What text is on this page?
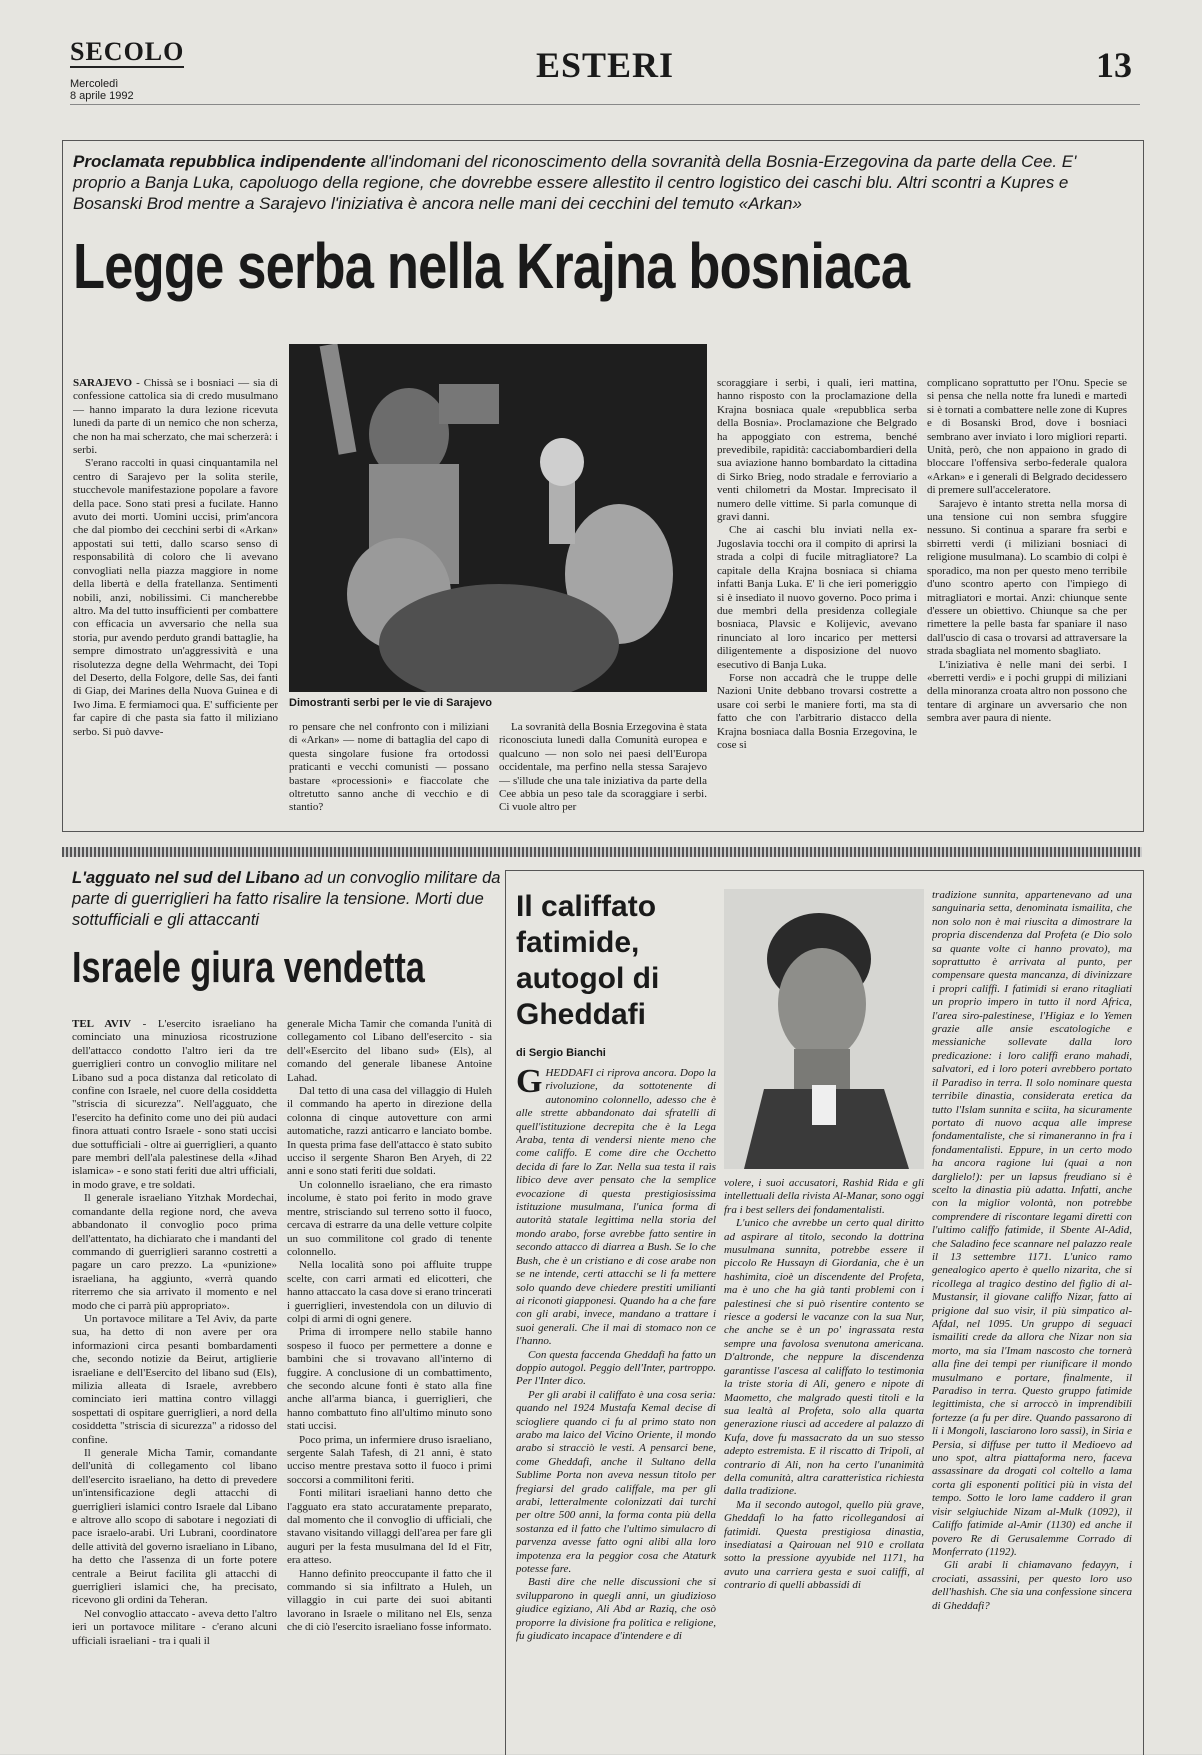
SECOLO
Mercoledì
8 aprile 1992
ESTERI	13
Proclamata repubblica indipendente all'indomani del riconoscimento della sovranità della Bosnia-Erzegovina da parte della Cee. E' proprio a Banja Luka, capoluogo della regione, che dovrebbe essere allestito il centro logistico dei caschi blu. Altri scontri a Kupres e Bosanski Brod mentre a Sarajevo l'iniziativa è ancora nelle mani dei cecchini del temuto «Arkan»
Legge serba nella Krajna bosniaca
Dimostranti serbi per le vie di Sarajevo

SARAJEVO - Chissà se i bosniaci — sia di confessione cattolica sia di credo musulmano — hanno imparato la dura lezione ricevuta lunedì da parte di un nemico che non scherza, che non ha mai scherzato, che mai scherzerà: i serbi.

S'erano raccolti in quasi cinquantamila nel centro di Sarajevo per la solita sterile, stucchevole manifestazione popolare a favore della pace. Sono stati presi a fucilate. Hanno avuto dei morti. Uomini uccisi, prim'ancora che dal piombo dei cecchini serbi di «Arkan» appostati sui tetti, dallo scarso senso di responsabilità di coloro che li avevano convogliati nella piazza maggiore in nome della libertà e della fratellanza. Sentimenti nobili, anzi, nobilissimi. Ci mancherebbe altro. Ma del tutto insufficienti per combattere con efficacia un avversario che nella sua storia, pur avendo perduto grandi battaglie, ha sempre dimostrato un'aggressività e una risolutezza degne della Wehrmacht, dei Topi del Deserto, della Folgore, delle Sas, dei fanti di Giap, dei Marines della Nuova Guinea e di Iwo Jima. E fermiamoci qua. E' sufficiente per far capire di che pasta sia fatto il miliziano serbo. Si può davve-	ro pensare che nel confronto con i miliziani di «Arkan» — nome di battaglia del capo di questa singolare fusione fra ortodossi praticanti e vecchi comunisti — possano bastare «processioni» e fiaccolate che oltretutto sanno anche di vecchio e di stantio?

La sovranità della Bosnia Erzegovina è stata riconosciuta lunedì dalla Comunità europea e qualcuno — non solo nei paesi dell'Europa occidentale, ma perfino nella stessa Sarajevo — s'illude che una tale iniziativa da parte della Cee abbia un peso tale da scoraggiare i serbi. Ci vuole altro per

scoraggiare i serbi, i quali, ieri mattina, hanno risposto con la proclamazione della Krajna bosniaca quale «repubblica serba della Bosnia». Proclamazione che Belgrado ha appoggiato con estrema, benché prevedibile, rapidità: cacciabombardieri della sua aviazione hanno bombardato la cittadina di Sirko Brieg, nodo stradale e ferroviario a venti chilometri da Mostar. Imprecisato il numero delle vittime. Si parla comunque di gravi danni.

Che ai caschi blu inviati nella ex-Jugoslavia tocchi ora il compito di aprirsi la strada a colpi di fucile mitragliatore? La capitale della Krajna bosniaca si chiama infatti Banja Luka. E' lì che ieri pomeriggio si è insediato il nuovo governo. Poco prima i due membri della presidenza collegiale bosniaca, Plavsic e Kolijevic, avevano rinunciato al loro incarico per mettersi diligentemente a disposizione del nuovo esecutivo di Banja Luka.

Forse non accadrà che le truppe delle Nazioni Unite debbano trovarsi costrette a usare coi serbi le maniere forti, ma sta di fatto che con l'arbitrario distacco della Krajna bosniaca dalla Bosnia Erzegovina, le cose si

complicano soprattutto per l'Onu. Specie se si pensa che nella notte fra lunedì e martedì si è tornati a combattere nelle zone di Kupres e di Bosanski Brod, dove i bosniaci sembrano aver inviato i loro migliori reparti. Unità, però, che non appaiono in grado di bloccare l'offensiva serbo-federale qualora «Arkan» e i generali di Belgrado decidessero di premere sull'acceleratore.

Sarajevo è intanto stretta nella morsa di una tensione cui non sembra sfuggire nessuno. Si continua a sparare fra serbi e sbirretti verdi (i miliziani bosniaci di religione musulmana). Lo scambio di colpi è sporadico, ma non per questo meno terribile d'uno scontro aperto con l'impiego di mitragliatori e mortai. Anzi: chiunque sente d'essere un obiettivo. Chiunque sa che per rimettere la pelle basta far spaniare il naso dall'uscio di casa o trovarsi ad attraversare la strada sbagliata nel momento sbagliato.

L'iniziativa è nelle mani dei serbi. I «berretti verdi» e i pochi gruppi di miliziani della minoranza croata altro non possono che tentare di arginare un avversario che non sembra aver paura di niente.

L'agguato nel sud del Libano ad un convoglio militare da parte di guerriglieri ha fatto risalire la tensione. Morti due sottufficiali e gli attaccanti
Israele giura vendetta

TEL AVIV - L'esercito israeliano ha cominciato una minuziosa ricostruzione dell'attacco condotto l'altro ieri da tre guerriglieri contro un convoglio militare nel Libano sud a poca distanza dal reticolato di confine con Israele, nel cuore della cosiddetta "striscia di sicurezza". Nell'agguato, che l'esercito ha definito come uno dei più audaci finora attuati contro Israele - sono stati uccisi due sottufficiali - oltre ai guerriglieri, a quanto pare membri dell'ala palestinese della «Jihad islamica» - e sono stati feriti due altri ufficiali, in modo grave, e tre soldati.

Il generale israeliano Yitzhak Mordechai, comandante della regione nord, che aveva abbandonato il convoglio poco prima dell'attentato, ha dichiarato che i mandanti del commando di guerriglieri saranno costretti a pagare un caro prezzo. La «punizione» israeliana, ha aggiunto, «verrà quando riterremo che sia arrivato il momento e nel modo che ci parrà più appropriato».

Un portavoce militare a Tel Aviv, da parte sua, ha detto di non avere per ora informazioni circa pesanti bombardamenti che, secondo notizie da Beirut, artiglierie israeliane e dell'Esercito del libano sud (Els), milizia alleata di Israele, avrebbero cominciato ieri mattina contro villaggi sospettati di ospitare guerriglieri, a nord della cosiddetta "striscia di sicurezza" a ridosso del confine.

Il generale Micha Tamir, comandante dell'unità di collegamento col libano dell'esercito israeliano, ha detto di prevedere un'intensificazione degli attacchi di guerriglieri islamici contro Israele dal Libano e altrove allo scopo di sabotare i negoziati di pace israelo-arabi. Uri Lubrani, coordinatore delle attività del governo israeliano in Libano, ha detto che l'assenza di un forte potere centrale a Beirut facilita gli attacchi di guerriglieri islamici che, ha precisato, ricevono gli ordini da Teheran.

Nel convoglio attaccato - aveva detto l'altro ieri un portavoce militare - c'erano alcuni ufficiali israeliani - tra i quali il

generale Micha Tamir che comanda l'unità di collegamento col Libano dell'esercito - sia dell'«Esercito del libano sud» (Els), al comando del generale libanese Antoine Lahad.

Dal tetto di una casa del villaggio di Huleh il commando ha aperto in direzione della colonna di cinque autovetture con armi automatiche, razzi anticarro e lanciato bombe. In questa prima fase dell'attacco è stato subito ucciso il sergente Sharon Ben Aryeh, di 22 anni e sono stati feriti due soldati.

Un colonnello israeliano, che era rimasto incolume, è stato poi ferito in modo grave mentre, strisciando sul terreno sotto il fuoco, cercava di estrarre da una delle vetture colpite un suo commilitone col grado di tenente colonnello.

Nella località sono poi affluite truppe scelte, con carri armati ed elicotteri, che hanno attaccato la casa dove si erano trincerati i guerriglieri, investendola con un diluvio di colpi di armi di ogni genere.

Prima di irrompere nello stabile hanno sospeso il fuoco per permettere a donne e bambini che si trovavano all'interno di fuggire. A conclusione di un combattimento, che secondo alcune fonti è stato alla fine anche all'arma bianca, i guerriglieri, che hanno combattuto fino all'ultimo minuto sono stati uccisi.

Poco prima, un infermiere druso israeliano, sergente Salah Tafesh, di 21 anni, è stato ucciso mentre prestava sotto il fuoco i primi soccorsi a commilitoni feriti.

Fonti militari israeliani hanno detto che l'agguato era stato accuratamente preparato, dal momento che il convoglio di ufficiali, che stavano visitando villaggi dell'area per fare gli auguri per la festa musulmana del Id el Fitr, era atteso.

Hanno definito preoccupante il fatto che il commando si sia infiltrato a Huleh, un villaggio in cui parte dei suoi abitanti lavorano in Israele o militano nel Els, senza che di ciò l'esercito israeliano fosse informato.

Il califfato fatimide, autogol di Gheddafi
di Sergio Bianchi

GHEDDAFI ci riprova ancora. Dopo la rivoluzione, da sottotenente di autonomino colonnello, adesso che è alle strette abbandonato dai sfratelli di quell'istituzione decrepita che è la Lega Araba, tenta di vendersi niente meno che come califfo. E come dire che Occhetto decida di fare lo Zar. Nella sua testa il raìs libico deve aver pensato che la semplice evocazione di questa prestigiosissima istituzione musulmana, l'unica forma di autorità statale legittima nella storia del mondo arabo, forse avrebbe fatto sentire in secondo attacco di diarrea a Bush. Se lo che Bush, che è un cristiano e di cose arabe non se ne intende, certi attacchi se li fa mettere solo quando deve chiedere prestiti umilianti ai riconoti giapponesi. Quando ha a che fare con gli arabi, invece, mandano a trattare i suoi generali. Che il mai di stomaco non ce l'hanno.

Con questa faccenda Gheddafi ha fatto un doppio autogol. Peggio dell'Inter, partroppo. Per l'Inter dico.

Per gli arabi il califfato è una cosa seria: quando nel 1924 Mustafa Kemal decise di sciogliere quando ci fu al primo stato non arabo ma laico del Vicino Oriente, il mondo arabo si stracciò le vesti. A pensarci bene, come Gheddafi, anche il Sultano della Sublime Porta non aveva nessun titolo per fregiarsi del grado califfale, ma per gli arabi, letteralmente colonizzati dai turchi per oltre 500 anni, la forma conta più della sostanza ed il fatto che l'ultimo simulacro di parvenza avesse fatto ogni alibi alla loro impotenza era la peggior cosa che Ataturk potesse fare.

Basti dire che nelle discussioni che si svilupparono in quegli anni, un giudizioso giudice egiziano, Ali Abd ar Raziq, che osò proporre la divisione fra politica e religione, fu giudicato incapace d'intendere e di

volere, i suoi accusatori, Rashid Rida e gli intellettuali della rivista Al-Manar, sono oggi fra i best sellers dei fondamentalisti.

L'unico che avrebbe un certo qual diritto ad aspirare al titolo, secondo la dottrina musulmana sunnita, potrebbe essere il piccolo Re Hussayn di Giordania, che è un hashimita, cioè un discendente del Profeta, ma è uno che ha già tanti problemi con i palestinesi che si può risentire contento se riesce a godersi le vacanze con la sua Nur, che anche se è un po' ingrassata resta sempre una favolosa svenutona americana. D'altronde, che neppure la discendenza garantisse l'ascesa al califfato lo testimonia la triste storia di Ali, genero e nipote di Maometto, che malgrado questi titoli e la sua lealtà al Profeta, solo alla quarta generazione riuscì ad accedere al palazzo di Kufa, dove fu massacrato da un suo stesso adepto estremista. E il riscatto di Tripoli, al contrario di Ali, non ha certo l'unanimità della comunità, altra caratteristica richiesta dalla tradizione.

Ma il secondo autogol, quello più grave, Gheddafi lo ha fatto ricollegandosi ai fatimidi. Questa prestigiosa dinastia, insediatasi a Qairouan nel 910 e crollata sotto la pressione ayyubide nel 1171, ha avuto una carriera gesta e suoi califfi, al contrario di quelli abbassidi di

tradizione sunnita, appartenevano ad una sanguinaria setta, denominata ismailita, che non solo non è mai riuscita a dimostrare la propria discendenza dal Profeta (e Dio solo sa quante volte ci hanno provato), ma soprattutto è arrivata al punto, per compensare questa mancanza, di divinizzare i propri califfi. I fatimidi si erano ritagliati un proprio impero in tutto il nord Africa, l'area siro-palestinese, l'Higiaz e lo Yemen grazie alle ansie escatologiche e messianiche sollevate dalla loro predicazione: i loro califfi erano mahadi, salvatori, ed i loro poteri avrebbero portato il Paradiso in terra. Il solo nominare questa terribile dinastia, considerata eretica da tutto l'Islam sunnita e sciita, ha sicuramente portato di nuovo acqua alle imprese fondamentaliste, che si rimaneranno in fra i fondamentalisti. Eppure, in un certo modo ha ancora ragione lui (quai a non darglielo!): per un lapsus freudiano si è scelto la dinastia più adatta. Infatti, anche con la miglior volontà, non potrebbe comprendere di riscontare legami diretti con l'ultimo califfo fatimide, il Sbente Al-Adid, che Saladino fece scannare nel palazzo reale il 13 settembre 1171. L'unico ramo genealogico aperto è quello nizarita, che si ricollega al tragico destino del figlio di al-Mustansir, il giovane califfo Nizar, fatto ai prigione dal suo visir, il più simpatico al-Afdal, nel 1095. Un gruppo di seguaci ismailiti crede da allora che Nizar non sia morto, ma sia l'Imam nascosto che tornerà alla fine dei tempi per riunificare il mondo musulmano e portare, finalmente, il Paradiso in terra. Questo gruppo fatimide legittimista, che si arroccò in imprendibili fortezze (a fu per dire. Quando passarono di li i Mongoli, lasciarono loro sassi), in Siria e Persia, si diffuse per tutto il Medioevo ad uno spot, altra piattaforma nero, faceva assassinare da drogati col coltello a lama corta gli esponenti politici più in vista del tempo. Sotto le loro lame caddero il gran visir selgiuchide Nizam al-Mulk (1092), il Califfo fatimide al-Amir (1130) ed anche il povero Re di Gerusalemme Corrado di Monferrato (1192).

Gli arabi li chiamavano fedayyn, i crociati, assassini, per questo loro uso dell'hashish. Che sia una confessione sincera di Gheddafi?
